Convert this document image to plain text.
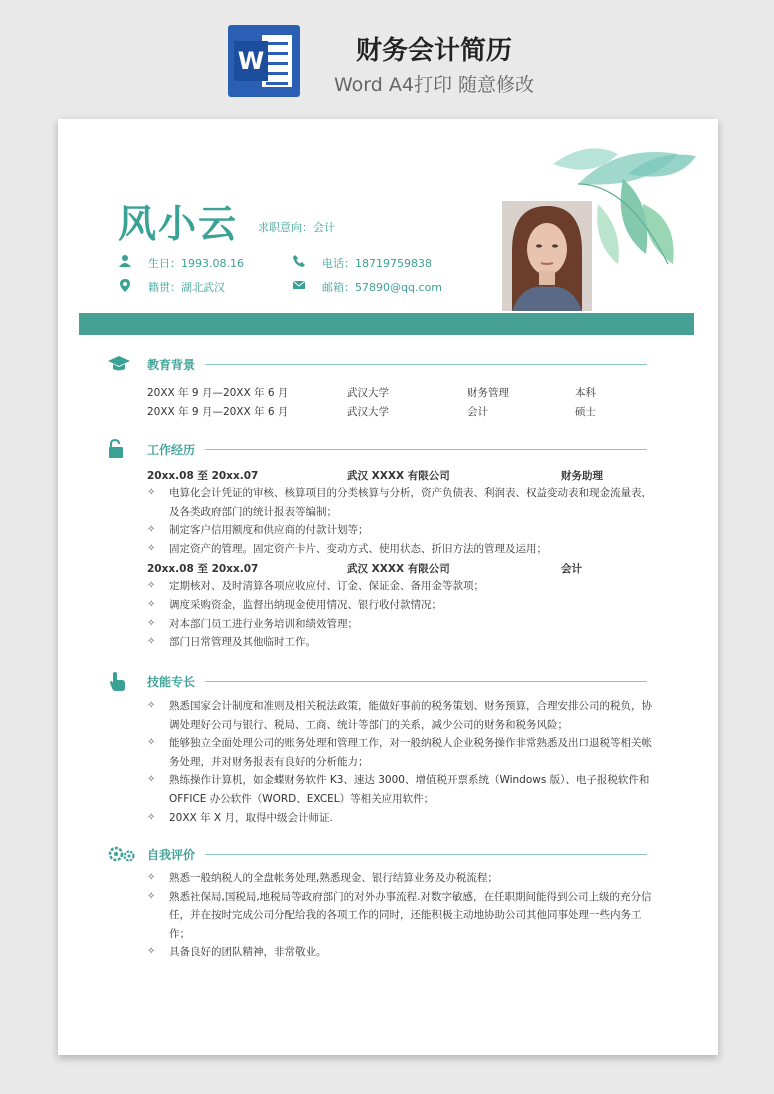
W	财务会计简历
Word A4打印 随意修改
风小云 求职意向：会计
生日：1993.08.16	电话：18719759838
籍贯：湖北武汉	邮箱：57890@qq.com
教育背景
20XX 年 9 月—20XX 年 6 月	武汉大学	财务管理	本科
20XX 年 9 月—20XX 年 6 月	武汉大学	会计	硕士
工作经历
20xx.08 至 20xx.07	武汉 XXXX 有限公司	财务助理
✧ 电算化会计凭证的审核、核算项目的分类核算与分析，资产负债表、利润表、权益变动表和现金流量表，及各类政府部门的统计报表等编制；
✧ 制定客户信用额度和供应商的付款计划等；
✧ 固定资产的管理。固定资产卡片、变动方式、使用状态、折旧方法的管理及运用；
20xx.08 至 20xx.07	武汉 XXXX 有限公司	会计
✧ 定期核对、及时清算各项应收应付、订金、保证金、备用金等款项；
✧ 调度采购资金，监督出纳现金使用情况、银行收付款情况；
✧ 对本部门员工进行业务培训和绩效管理；
✧ 部门日常管理及其他临时工作。
技能专长
✧ 熟悉国家会计制度和准则及相关税法政策，能做好事前的税务策划、财务预算，合理安排公司的税负，协调处理好公司与银行、税局、工商、统计等部门的关系，减少公司的财务和税务风险；
✧ 能够独立全面处理公司的账务处理和管理工作，对一般纳税人企业税务操作非常熟悉及出口退税等相关帐务处理，并对财务报表有良好的分析能力；
✧ 熟练操作计算机，如金蝶财务软件 K3、速达 3000、增值税开票系统（Windows 版）、电子报税软件和 OFFICE 办公软件（WORD、EXCEL）等相关应用软件；
✧ 20XX 年 X 月，取得中级会计师证.
自我评价
✧ 熟悉一般纳税人的全盘帐务处理,熟悉现金、银行结算业务及办税流程；
✧ 熟悉社保局,国税局,地税局等政府部门的对外办事流程.对数字敏感，在任职期间能得到公司上级的充分信任，并在按时完成公司分配给我的各项工作的同时，还能积极主动地协助公司其他同事处理一些内务工作；
✧ 具备良好的团队精神，非常敬业。
